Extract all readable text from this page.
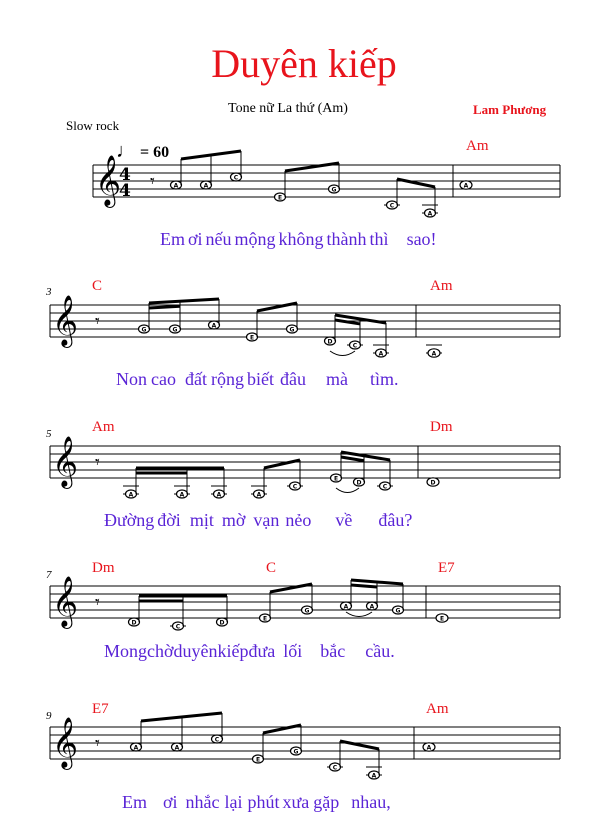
Duyên kiếp
Tone nữ La thứ (Am)	Lam Phương
Slow rock
♩ = 60	Am
Em ơi nếu mộng không thành thì sao!
3	C	Am
Non cao đất rộng biết đâu mà tìm.
5	Am	Dm
Đường đời mịt mờ vạn nẻo về đâu?
7	Dm	C	E7
Mongchờduyênkiếpđưa lối bắc cầu.
9	E7	Am
Em ơi nhắc lại phút xưa gặp nhau,
𝄞
4
4 𝄾	A	A
C
E
G
C
A
A
𝄞 𝄾	G	G
A
E
G
D
C
A	A
𝄞 𝄾
A	A	A	A
C
E
D
C
D
𝄞 𝄾
D
C
D
E
G
A	A
G
E
𝄞 𝄾	A	A
C
E
G
C
A
A
